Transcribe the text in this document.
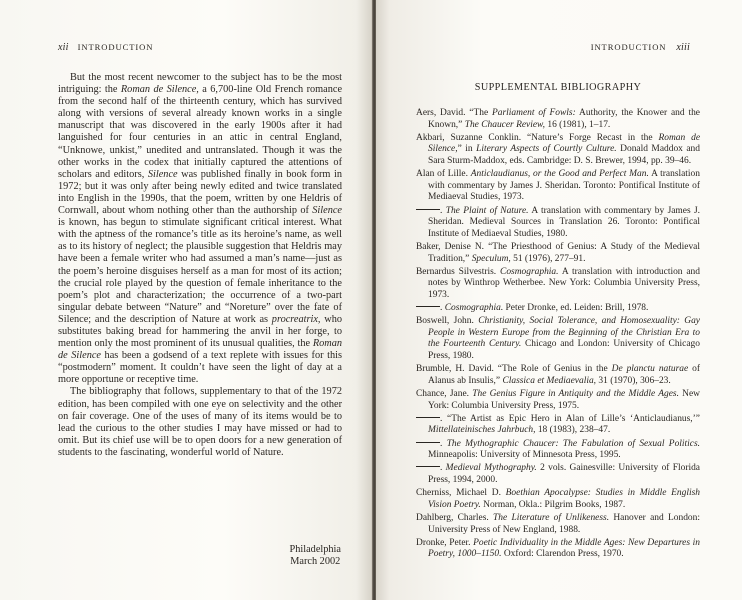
xii INTRODUCTION

But the most recent newcomer to the subject has to be the most intriguing: the Roman de Silence, a 6,700-line Old French romance from the second half of the thirteenth century, which has survived along with versions of several already known works in a single manuscript that was discovered in the early 1900s after it had languished for four centuries in an attic in central England, “Unknowe, unkist,” unedited and untranslated. Though it was the other works in the codex that initially captured the attentions of scholars and editors, Silence was published finally in book form in 1972; but it was only after being newly edited and twice translated into English in the 1990s, that the poem, written by one Heldris of Cornwall, about whom nothing other than the authorship of Silence is known, has begun to stimulate significant critical interest. What with the aptness of the romance’s title as its heroine’s name, as well as to its history of neglect; the plausible suggestion that Heldris may have been a female writer who had assumed a man’s name—just as the poem’s heroine disguises herself as a man for most of its action; the crucial role played by the question of female inheritance to the poem’s plot and characterization; the occurrence of a two-part singular debate between “Nature” and “Noreture” over the fate of Silence; and the description of Nature at work as procreatrix, who substitutes baking bread for hammering the anvil in her forge, to mention only the most prominent of its unusual qualities, the Roman de Silence has been a godsend of a text replete with issues for this “postmodern” moment. It couldn’t have seen the light of day at a more opportune or receptive time.

The bibliography that follows, supplementary to that of the 1972 edition, has been compiled with one eye on selectivity and the other on fair coverage. One of the uses of many of its items would be to lead the curious to the other studies I may have missed or had to omit. But its chief use will be to open doors for a new generation of students to the fascinating, wonderful world of Nature.

Philadelphia
March 2002
INTRODUCTION xiii
SUPPLEMENTAL BIBLIOGRAPHY
Aers, David. “The Parliament of Fowls: Authority, the Knower and the Known,” The Chaucer Review, 16 (1981), 1–17.
Akbari, Suzanne Conklin. “Nature’s Forge Recast in the Roman de Silence,” in Literary Aspects of Courtly Culture. Donald Maddox and Sara Sturm-Maddox, eds. Cambridge: D. S. Brewer, 1994, pp. 39–46.
Alan of Lille. Anticlaudianus, or the Good and Perfect Man. A translation with commentary by James J. Sheridan. Toronto: Pontifical Institute of Mediaeval Studies, 1973.
. The Plaint of Nature. A translation with commentary by James J. Sheridan. Medieval Sources in Translation 26. Toronto: Pontifical Institute of Mediaeval Studies, 1980.
Baker, Denise N. “The Priesthood of Genius: A Study of the Medieval Tradition,” Speculum, 51 (1976), 277–91.
Bernardus Silvestris. Cosmographia. A translation with introduction and notes by Winthrop Wetherbee. New York: Columbia University Press, 1973.
. Cosmographia. Peter Dronke, ed. Leiden: Brill, 1978.
Boswell, John. Christianity, Social Tolerance, and Homosexuality: Gay People in Western Europe from the Beginning of the Christian Era to the Fourteenth Century. Chicago and London: University of Chicago Press, 1980.
Brumble, H. David. “The Role of Genius in the De planctu naturae of Alanus ab Insulis,” Classica et Mediaevalia, 31 (1970), 306–23.
Chance, Jane. The Genius Figure in Antiquity and the Middle Ages. New York: Columbia University Press, 1975.
. “The Artist as Epic Hero in Alan of Lille’s ‘Anticlaudianus,’” Mittellateinisches Jahrbuch, 18 (1983), 238–47.
. The Mythographic Chaucer: The Fabulation of Sexual Politics. Minneapolis: University of Minnesota Press, 1995.
. Medieval Mythography. 2 vols. Gainesville: University of Florida Press, 1994, 2000.
Cherniss, Michael D. Boethian Apocalypse: Studies in Middle English Vision Poetry. Norman, Okla.: Pilgrim Books, 1987.
Dahlberg, Charles. The Literature of Unlikeness. Hanover and London: University Press of New England, 1988.
Dronke, Peter. Poetic Individuality in the Middle Ages: New Departures in Poetry, 1000–1150. Oxford: Clarendon Press, 1970.
